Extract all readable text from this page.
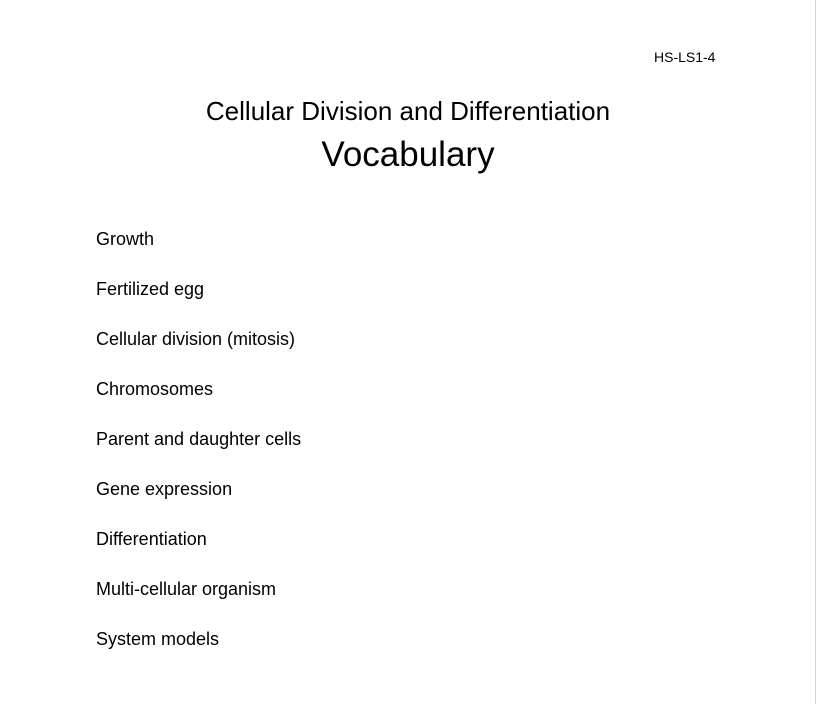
HS-LS1-4
Cellular Division and Differentiation
Vocabulary
Growth
Fertilized egg
Cellular division (mitosis)
Chromosomes
Parent and daughter cells
Gene expression
Differentiation
Multi-cellular organism
System models
